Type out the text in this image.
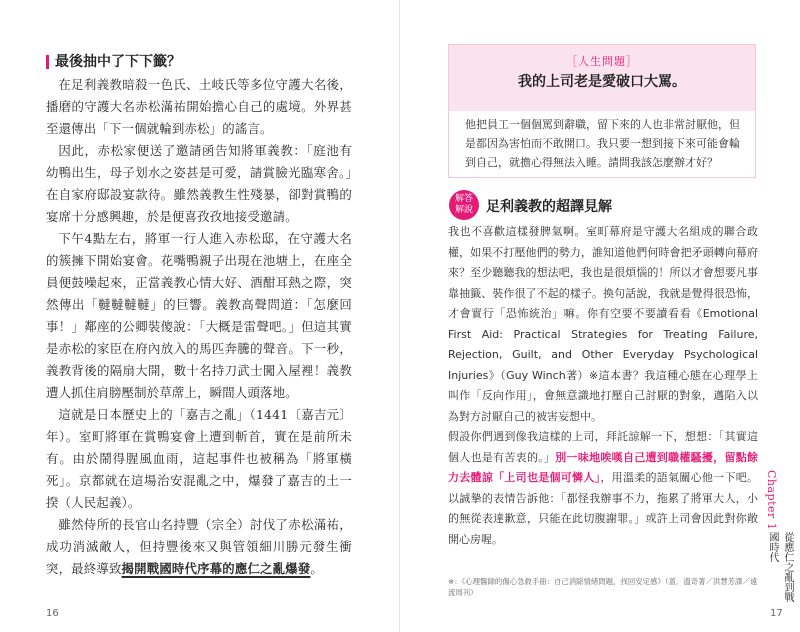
最後抽中了下下籤？

在足利義教暗殺一色氏、土岐氏等多位守護大名後，播磨的守護大名赤松滿祐開始擔心自己的處境。外界甚至還傳出「下一個就輪到赤松」的謠言。

因此，赤松家便送了邀請函告知將軍義教：「庭池有幼鴨出生，母子划水之姿甚是可愛，請賞臉光臨寒舍。」在自家府邸設宴款待。雖然義教生性殘暴，卻對賞鴨的宴席十分感興趣，於是便喜孜孜地接受邀請。

下午4點左右，將軍一行人進入赤松邸，在守護大名的簇擁下開始宴會。花嘴鴨親子出現在池塘上，在座全員便鼓噪起來，正當義教心情大好、酒酣耳熱之際，突然傳出「韃韃韃韃」的巨響。義教高聲問道：「怎麼回事！」鄰座的公卿裝傻說：「大概是雷聲吧。」但這其實是赤松的家臣在府內放入的馬匹奔騰的聲音。下一秒，義教背後的隔扇大開，數十名持刀武士闖入屋裡！義教遭人抓住肩膀壓制於草蓆上，瞬間人頭落地。

這就是日本歷史上的「嘉吉之亂」（1441〔嘉吉元〕年）。室町將軍在賞鴨宴會上遭到斬首，實在是前所未有。由於鬧得腥風血雨，這起事件也被稱為「將軍橫死」。京都就在這場治安混亂之中，爆發了嘉吉的土一揆（人民起義）。

雖然侍所的長官山名持豐（宗全）討伐了赤松滿祐，成功消滅敵人，但持豐後來又與管領細川勝元發生衝突，最終導致揭開戰國時代序幕的應仁之亂爆發。

16
［人生問題］
我的上司老是愛破口大罵。
他把員工一個個罵到辭職，留下來的人也非常討厭他，但是都因為害怕而不敢開口。我只要一想到接下來可能會輪到自己，就擔心得無法入睡。請問我該怎麼辦才好？
解答
解說 足利義教的超譯見解

我也不喜歡這樣發脾氣啊。室町幕府是守護大名組成的聯合政權，如果不打壓他們的勢力，誰知道他們何時會把矛頭轉向幕府來？至少聽聽我的想法吧，我也是很煩惱的！所以才會想要凡事靠抽籤、裝作很了不起的樣子。換句話說，我就是覺得很恐怖，才會實行「恐怖統治」嘛。你有空要不要讀看看《Emotional First Aid: Practical Strategies for Treating Failure, Rejection, Guilt, and Other Everyday Psychological Injuries》（Guy Winch著）※這本書？我這種心態在心理學上叫作「反向作用」，會無意識地打壓自己討厭的對象，邁陷入以為對方討厭自己的被害妄想中。

假設你們遇到像我這樣的上司，拜託諒解一下，想想：「其實這個人也是有苦衷的。」別一味地唉嘆自己遭到職權騷擾，留點餘力去體諒「上司也是個可憐人」，用溫柔的語氣關心他一下吧。以誠摯的表情告訴他：「都怪我辦事不力，拖累了將軍大人，小的無從表達歉意，只能在此切腹謝罪。」或許上司會因此對你敞開心房喔。

※：《心理醫師的傷心急救手冊：自己消除情緒問題，找回安定感》（蓋．溫奇著／洪慧芳譯／遠流周刊）
17
Chapter 1
從應仁之亂到戰國時代
